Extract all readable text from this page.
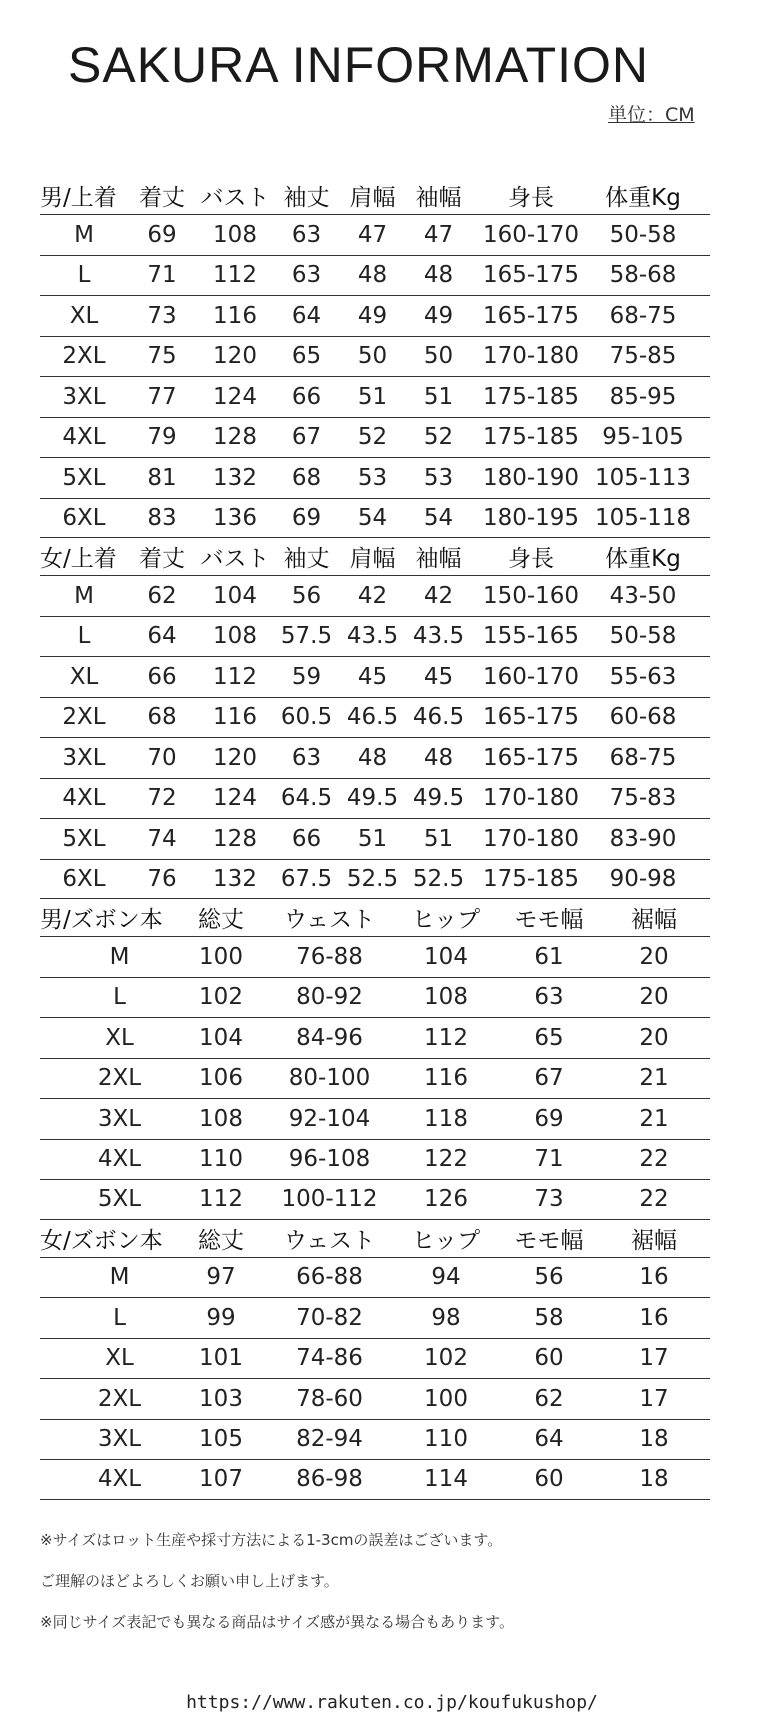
SAKURA INFORMATION
単位：CM
男/上着 着丈 バスト 袖丈 肩幅 袖幅	身長	体重Kg
M	69	108	63	47	47	160-170	50-58
L	71	112	63	48	48	165-175	58-68
XL	73	116	64	49	49	165-175	68-75
2XL	75	120	65	50	50	170-180	75-85
3XL	77	124	66	51	51	175-185	85-95
4XL	79	128	67	52	52	175-185	95-105
5XL	81	132	68	53	53	180-190 105-113
6XL	83	136	69	54	54	180-195 105-118
女/上着 着丈 バスト 袖丈 肩幅 袖幅	身長	体重Kg
M	62	104	56	42	42	150-160	43-50
L	64	108	57.5 43.5 43.5 155-165	50-58
XL	66	112	59	45	45	160-170	55-63
2XL	68	116	60.5 46.5 46.5 165-175	60-68
3XL	70	120	63	48	48	165-175	68-75
4XL	72	124	64.5 49.5 49.5 170-180	75-83
5XL	74	128	66	51	51	170-180	83-90
6XL	76	132	67.5 52.5 52.5 175-185	90-98
男/ズボン本	総丈	ウェスト	ヒップ	モモ幅	裾幅
M	100	76-88	104	61	20
L	102	80-92	108	63	20
XL	104	84-96	112	65	20
2XL	106	80-100	116	67	21
3XL	108	92-104	118	69	21
4XL	110	96-108	122	71	22
5XL	112	100-112	126	73	22
女/ズボン本	総丈	ウェスト	ヒップ	モモ幅	裾幅
M	97	66-88	94	56	16
L	99	70-82	98	58	16
XL	101	74-86	102	60	17
2XL	103	78-60	100	62	17
3XL	105	82-94	110	64	18
4XL	107	86-98	114	60	18
※サイズはロット生産や採寸方法による1-3cmの誤差はございます。
ご理解のほどよろしくお願い申し上げます。
※同じサイズ表記でも異なる商品はサイズ感が異なる場合もあります。
https://www.rakuten.co.jp/koufukushop/
